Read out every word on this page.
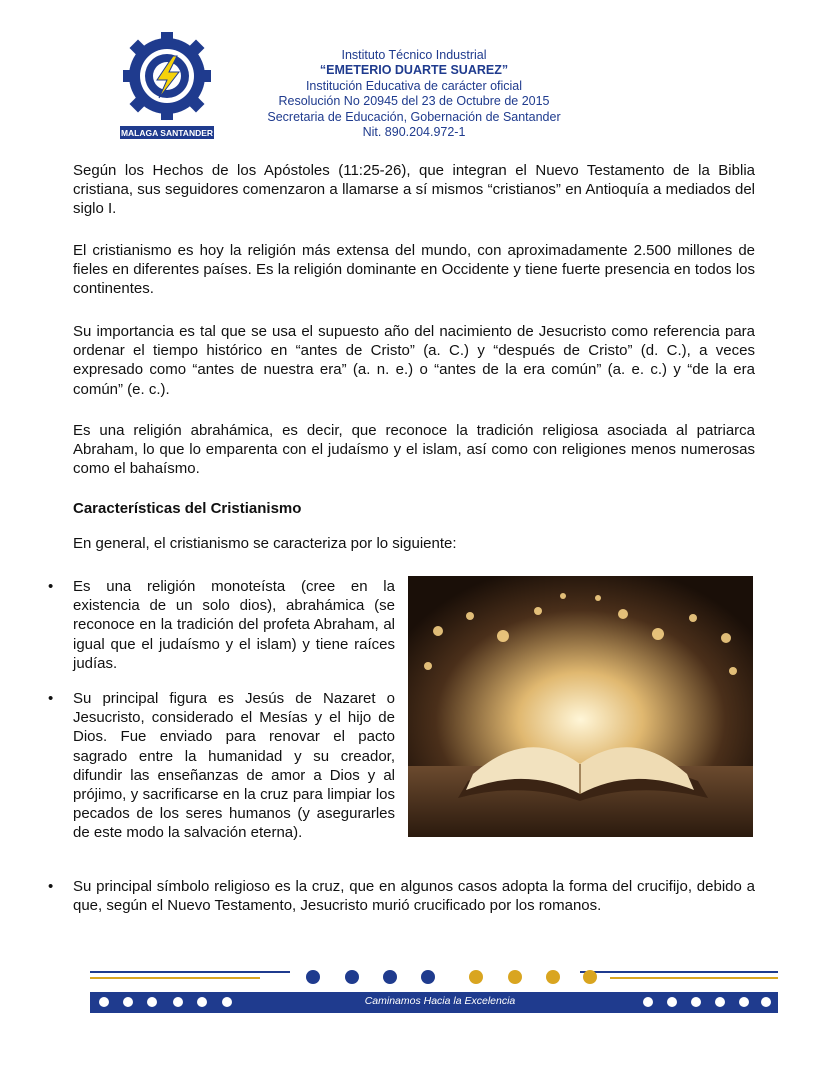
MALAGA SANTANDER
Instituto Técnico Industrial
“EMETERIO DUARTE SUAREZ”
Institución Educativa de carácter oficial
Resolución No 20945 del 23 de Octubre de 2015
Secretaria de Educación, Gobernación de Santander
Nit. 890.204.972-1

Según los Hechos de los Apóstoles (11:25-26), que integran el Nuevo Testamento de la Biblia cristiana, sus seguidores comenzaron a llamarse a sí mismos “cristianos” en Antioquía a mediados del siglo I.

El cristianismo es hoy la religión más extensa del mundo, con aproximadamente 2.500 millones de fieles en diferentes países. Es la religión dominante en Occidente y tiene fuerte presencia en todos los continentes.

Su importancia es tal que se usa el supuesto año del nacimiento de Jesucristo como referencia para ordenar el tiempo histórico en “antes de Cristo” (a. C.) y “después de Cristo” (d. C.), a veces expresado como “antes de nuestra era” (a. n. e.) o “antes de la era común” (a. e. c.) y “de la era común” (e. c.).

Es una religión abrahámica, es decir, que reconoce la tradición religiosa asociada al patriarca Abraham, lo que lo emparenta con el judaísmo y el islam, así como con religiones menos numerosas como el bahaísmo.

Características del Cristianismo
En general, el cristianismo se caracteriza por lo siguiente:
• Es una religión monoteísta (cree en la existencia de un solo dios), abrahámica (se reconoce en la tradición del profeta Abraham, al igual que el judaísmo y el islam) y tiene raíces judías.

• Su principal figura es Jesús de Nazaret o Jesucristo, considerado el Mesías y el hijo de Dios. Fue enviado para renovar el pacto sagrado entre la humanidad y su creador, difundir las enseñanzas de amor a Dios y al prójimo, y sacrificarse en la cruz para limpiar los pecados de los seres humanos (y asegurarles de este modo la salvación eterna).

• Su principal símbolo religioso es la cruz, que en algunos casos adopta la forma del crucifijo, debido a que, según el Nuevo Testamento, Jesucristo murió crucificado por los romanos.

Caminamos Hacia la Excelencia
